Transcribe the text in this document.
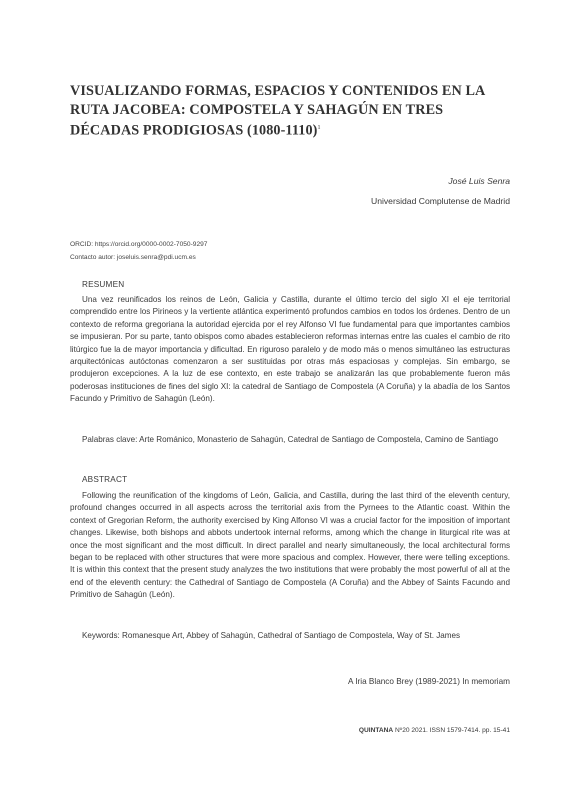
VISUALIZANDO FORMAS, ESPACIOS Y CONTENIDOS EN LA RUTA JACOBEA: COMPOSTELA Y SAHAGÚN EN TRES DÉCADAS PRODIGIOSAS (1080-1110)$^1$
José Luis Senra
Universidad Complutense de Madrid
ORCID: https://orcid.org/0000-0002-7050-9297
Contacto autor: joseluis.senra@pdi.ucm.es
RESUMEN
Una vez reunificados los reinos de León, Galicia y Castilla, durante el último tercio del siglo XI el eje territorial comprendido entre los Pirineos y la vertiente atlántica experimentó profundos cambios en todos los órdenes. Dentro de un contexto de reforma gregoriana la autoridad ejercida por el rey Alfonso VI fue fundamental para que importantes cambios se impusieran. Por su parte, tanto obispos como abades establecieron reformas internas entre las cuales el cambio de rito litúrgico fue la de mayor importancia y dificultad. En riguroso paralelo y de modo más o menos simultáneo las estructuras arquitectónicas autóctonas comenzaron a ser sustituidas por otras más espaciosas y complejas. Sin embargo, se produjeron excepciones. A la luz de ese contexto, en este trabajo se analizarán las que probablemente fueron más poderosas instituciones de fines del siglo XI: la catedral de Santiago de Compostela (A Coruña) y la abadía de los Santos Facundo y Primitivo de Sahagún (León).
Palabras clave: Arte Románico, Monasterio de Sahagún, Catedral de Santiago de Compostela, Camino de Santiago
ABSTRACT
Following the reunification of the kingdoms of León, Galicia, and Castilla, during the last third of the eleventh century, profound changes occurred in all aspects across the territorial axis from the Pyrnees to the Atlantic coast. Within the context of Gregorian Reform, the authority exercised by King Alfonso VI was a crucial factor for the imposition of important changes. Likewise, both bishops and abbots undertook internal reforms, among which the change in liturgical rite was at once the most significant and the most difficult. In direct parallel and nearly simultaneously, the local architectural forms began to be replaced with other structures that were more spacious and complex. However, there were telling exceptions. It is within this context that the present study analyzes the two institutions that were probably the most powerful of all at the end of the eleventh century: the Cathedral of Santiago de Compostela (A Coruña) and the Abbey of Saints Facundo and Primitivo de Sahagún (León).
Keywords: Romanesque Art, Abbey of Sahagún, Cathedral of Santiago de Compostela, Way of St. James
A Iria Blanco Brey (1989-2021) In memoriam
QUINTANA Nº20 2021. ISSN 1579-7414. pp. 15-41
